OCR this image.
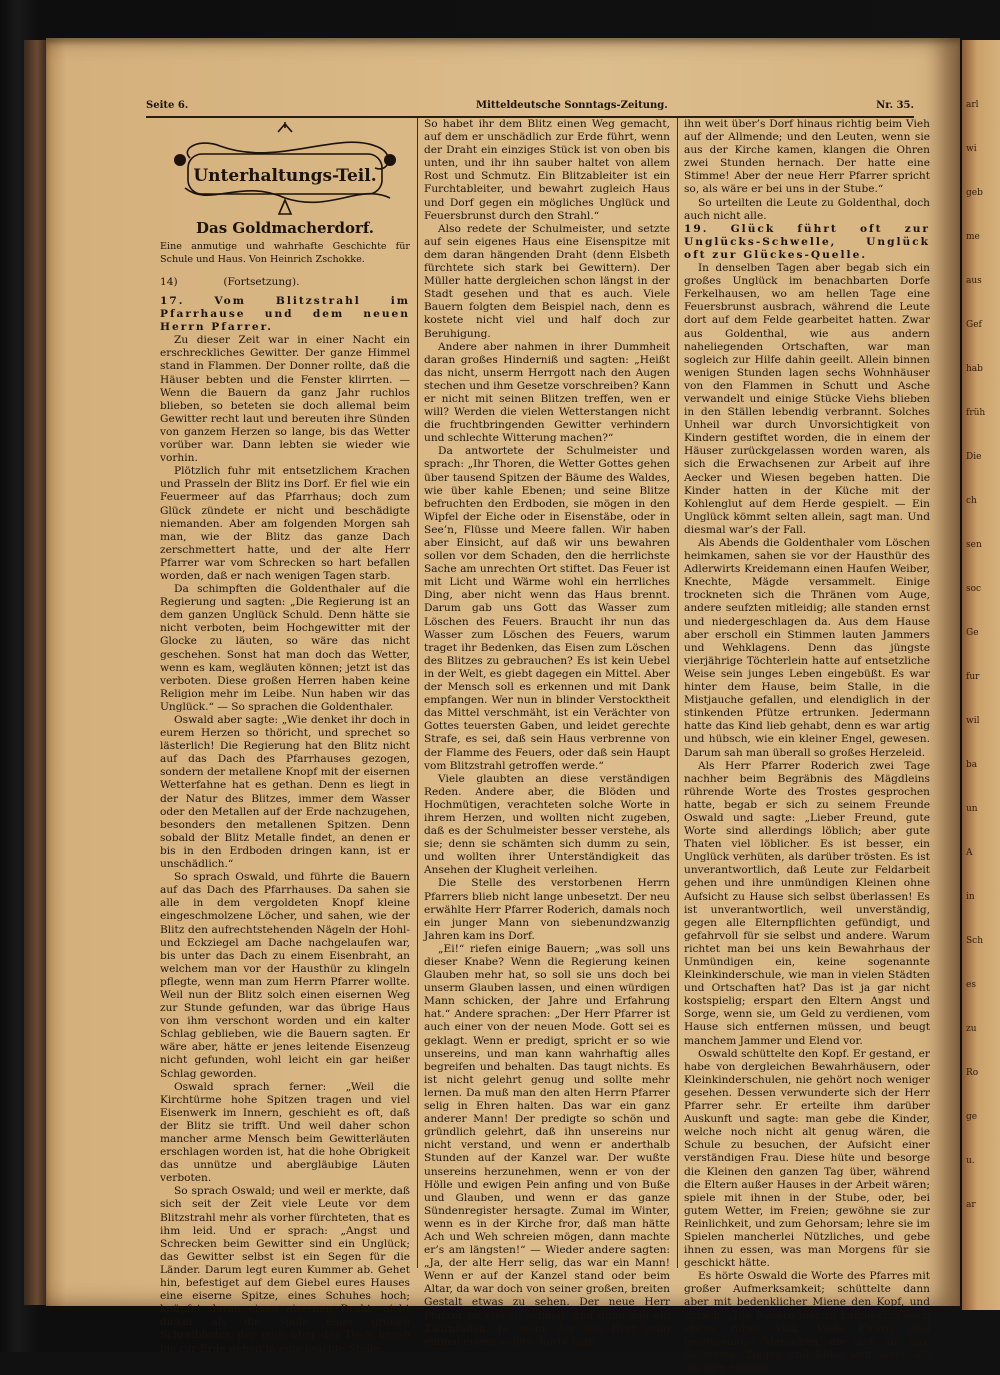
arl
wi
geb
me
aus
Gef
hab
früh
Die
ch
sen
soc
Ge
fur
wil
ba
un
A
in
Sch
es
zu
Ro
ge
u.
ar
Seite 6.	Mitteldeutsche Sonntags-Zeitung.	Nr. 35.
Unterhaltungs-Teil.
Das Goldmacherdorf.
Eine anmutige und wahrhafte Geschichte für Schule und Haus. Von Heinrich Zschokke.
14)	(Fortsetzung).

17. Vom Blitzstrahl im Pfarrhause und dem neuen Herrn Pfarrer.

Zu dieser Zeit war in einer Nacht ein erschreckliches Gewitter. Der ganze Himmel stand in Flammen. Der Donner rollte, daß die Häuser bebten und die Fenster klirrten. — Wenn die Bauern da ganz Jahr ruchlos blieben, so beteten sie doch allemal beim Gewitter recht laut und bereuten ihre Sünden von ganzem Herzen so lange, bis das Wetter vorüber war. Dann lebten sie wieder wie vorhin.

Plötzlich fuhr mit entsetzlichem Krachen und Prasseln der Blitz ins Dorf. Er fiel wie ein Feuermeer auf das Pfarrhaus; doch zum Glück zündete er nicht und beschädigte niemanden. Aber am folgenden Morgen sah man, wie der Blitz das ganze Dach zerschmettert hatte, und der alte Herr Pfarrer war vom Schrecken so hart befallen worden, daß er nach wenigen Tagen starb.

Da schimpften die Goldenthaler auf die Regierung und sagten: „Die Regierung ist an dem ganzen Unglück Schuld. Denn hätte sie nicht verboten, beim Hochgewitter mit der Glocke zu läuten, so wäre das nicht geschehen. Sonst hat man doch das Wetter, wenn es kam, wegläuten können; jetzt ist das verboten. Diese großen Herren haben keine Religion mehr im Leibe. Nun haben wir das Unglück.“ — So sprachen die Goldenthaler.

Oswald aber sagte: „Wie denket ihr doch in eurem Herzen so thöricht, und sprechet so lästerlich! Die Regierung hat den Blitz nicht auf das Dach des Pfarrhauses gezogen, sondern der metallene Knopf mit der eisernen Wetterfahne hat es gethan. Denn es liegt in der Natur des Blitzes, immer dem Wasser oder den Metallen auf der Erde nachzugehen, besonders den metallenen Spitzen. Denn sobald der Blitz Metalle findet, an denen er bis in den Erdboden dringen kann, ist er unschädlich.“

So sprach Oswald, und führte die Bauern auf das Dach des Pfarrhauses. Da sahen sie alle in dem vergoldeten Knopf kleine eingeschmolzene Löcher, und sahen, wie der Blitz den aufrechtstehenden Nägeln der Hohl- und Eckziegel am Dache nachgelaufen war, bis unter das Dach zu einem Eisenbraht, an welchem man vor der Hausthür zu klingeln pflegte, wenn man zum Herrn Pfarrer wollte. Weil nun der Blitz solch einen eisernen Weg zur Stunde gefunden, war das übrige Haus von ihm verschont worden und ein kalter Schlag geblieben, wie die Bauern sagten. Er wäre aber, hätte er jenes leitende Eisenzeug nicht gefunden, wohl leicht ein gar heißer Schlag geworden.

Oswald sprach ferner: „Weil die Kirchtürme hohe Spitzen tragen und viel Eisenwerk im Innern, geschieht es oft, daß der Blitz sie trifft. Und weil daher schon mancher arme Mensch beim Gewitterläuten erschlagen worden ist, hat die hohe Obrigkeit das unnütze und abergläubige Läuten verboten.

So sprach Oswald; und weil er merkte, daß sich seit der Zeit viele Leute vor dem Blitzstrahl mehr als vorher fürchteten, that es ihm leid. Und er sprach: „Angst und Schrecken beim Gewitter sind ein Unglück; das Gewitter selbst ist ein Segen für die Länder. Darum legt euren Kummer ab. Gehet hin, befestiget auf dem Giebel eures Hauses eine eiserne Spitze, eines Schuhes hoch; knüpfet daran einen eisernen Draht, nicht dicker als die Spule einer großen Schreibfeder, der muß über das Dach herab bis zur Erde gehen in eine feuchte Stelle.

So habet ihr dem Blitz einen Weg gemacht, auf dem er unschädlich zur Erde führt, wenn der Draht ein einziges Stück ist von oben bis unten, und ihr ihn sauber haltet von allem Rost und Schmutz. Ein Blitzableiter ist ein Furchtableiter, und bewahrt zugleich Haus und Dorf gegen ein mögliches Unglück und Feuersbrunst durch den Strahl.“

Also redete der Schulmeister, und setzte auf sein eigenes Haus eine Eisenspitze mit dem daran hängenden Draht (denn Elsbeth fürchtete sich stark bei Gewittern). Der Müller hatte dergleichen schon längst in der Stadt gesehen und that es auch. Viele Bauern folgten dem Beispiel nach, denn es kostete nicht viel und half doch zur Beruhigung.

Andere aber nahmen in ihrer Dummheit daran großes Hinderniß und sagten: „Heißt das nicht, unserm Herrgott nach den Augen stechen und ihm Gesetze vorschreiben? Kann er nicht mit seinen Blitzen treffen, wen er will? Werden die vielen Wetterstangen nicht die fruchtbringenden Gewitter verhindern und schlechte Witterung machen?“

Da antwortete der Schulmeister und sprach: „Ihr Thoren, die Wetter Gottes gehen über tausend Spitzen der Bäume des Waldes, wie über kahle Ebenen; und seine Blitze befruchten den Erdboden, sie mögen in den Wipfel der Eiche oder in Eisenstäbe, oder in See’n, Flüsse und Meere fallen. Wir haben aber Einsicht, auf daß wir uns bewahren sollen vor dem Schaden, den die herrlichste Sache am unrechten Ort stiftet. Das Feuer ist mit Licht und Wärme wohl ein herrliches Ding, aber nicht wenn das Haus brennt. Darum gab uns Gott das Wasser zum Löschen des Feuers. Braucht ihr nun das Wasser zum Löschen des Feuers, warum traget ihr Bedenken, das Eisen zum Löschen des Blitzes zu gebrauchen? Es ist kein Uebel in der Welt, es giebt dagegen ein Mittel. Aber der Mensch soll es erkennen und mit Dank empfangen. Wer nun in blinder Verstocktheit das Mittel verschmäht, ist ein Verächter von Gottes teuersten Gaben, und leidet gerechte Strafe, es sei, daß sein Haus verbrenne von der Flamme des Feuers, oder daß sein Haupt vom Blitzstrahl getroffen werde.“

Viele glaubten an diese verständigen Reden. Andere aber, die Blöden und Hochmütigen, verachteten solche Worte in ihrem Herzen, und wollten nicht zugeben, daß es der Schulmeister besser verstehe, als sie; denn sie schämten sich dumm zu sein, und wollten ihrer Unterständigkeit das Ansehen der Klugheit verleihen.

Die Stelle des verstorbenen Herrn Pfarrers blieb nicht lange unbesetzt. Der neu erwählte Herr Pfarrer Roderich, damals noch ein junger Mann von siebenundzwanzig Jahren kam ins Dorf.

„Ei!“ riefen einige Bauern; „was soll uns dieser Knabe? Wenn die Regierung keinen Glauben mehr hat, so soll sie uns doch bei unserm Glauben lassen, und einen würdigen Mann schicken, der Jahre und Erfahrung hat.“ Andere sprachen: „Der Herr Pfarrer ist auch einer von der neuen Mode. Gott sei es geklagt. Wenn er predigt, spricht er so wie unsereins, und man kann wahrhaftig alles begreifen und behalten. Das taugt nichts. Es ist nicht gelehrt genug und sollte mehr lernen. Da muß man den alten Herrn Pfarrer selig in Ehren halten. Das war ein ganz anderer Mann! Der predigte so schön und gründlich gelehrt, daß ihn unsereins nur nicht verstand, und wenn er anderthalb Stunden auf der Kanzel war. Der wußte unsereins herzunehmen, wenn er von der Hölle und ewigen Pein anfing und von Buße und Glauben, und wenn er das ganze Sündenregister hersagte. Zumal im Winter, wenn es in der Kirche fror, daß man hätte Ach und Weh schreien mögen, dann machte er’s am längsten!“ — Wieder andere sagten: „Ja, der alte Herr selig, das war ein Mann! Wenn er auf der Kanzel stand oder beim Altar, da war doch von seiner großen, breiten Gestalt etwas zu sehen. Der neue Herr Pfarrer ist viel zu schmal, und dünn wie ein Zwirnfaden. Ja, wenn der alte Herr selig einmal eisern wollte, hörte man

ihn weit über’s Dorf hinaus richtig beim Vieh auf der Allmende; und den Leuten, wenn sie aus der Kirche kamen, klangen die Ohren zwei Stunden hernach. Der hatte eine Stimme! Aber der neue Herr Pfarrer spricht so, als wäre er bei uns in der Stube.“

So urteilten die Leute zu Goldenthal, doch auch nicht alle.

19. Glück führt oft zur Unglücks-Schwelle, Unglück oft zur Glückes-Quelle.

In denselben Tagen aber begab sich ein großes Unglück im benachbarten Dorfe Ferkelhausen, wo am hellen Tage eine Feuersbrunst ausbrach, während die Leute dort auf dem Felde gearbeitet hatten. Zwar aus Goldenthal, wie aus andern naheliegenden Ortschaften, war man sogleich zur Hilfe dahin geeilt. Allein binnen wenigen Stunden lagen sechs Wohnhäuser von den Flammen in Schutt und Asche verwandelt und einige Stücke Viehs blieben in den Ställen lebendig verbrannt. Solches Unheil war durch Unvorsichtigkeit von Kindern gestiftet worden, die in einem der Häuser zurückgelassen worden waren, als sich die Erwachsenen zur Arbeit auf ihre Aecker und Wiesen begeben hatten. Die Kinder hatten in der Küche mit der Kohlenglut auf dem Herde gespielt. — Ein Unglück kömmt selten allein, sagt man. Und diesmal war’s der Fall.

Als Abends die Goldenthaler vom Löschen heimkamen, sahen sie vor der Hausthür des Adlerwirts Kreidemann einen Haufen Weiber, Knechte, Mägde versammelt. Einige trockneten sich die Thränen vom Auge, andere seufzten mitleidig; alle standen ernst und niedergeschlagen da. Aus dem Hause aber erscholl ein Stimmen lauten Jammers und Wehklagens. Denn das jüngste vierjährige Töchterlein hatte auf entsetzliche Weise sein junges Leben eingebüßt. Es war hinter dem Hause, beim Stalle, in die Mistjauche gefallen, und elendiglich in der stinkenden Pfütze ertrunken. Jedermann hatte das Kind lieb gehabt, denn es war artig und hübsch, wie ein kleiner Engel, gewesen. Darum sah man überall so großes Herzeleid.

Als Herr Pfarrer Roderich zwei Tage nachher beim Begräbnis des Mägdleins rührende Worte des Trostes gesprochen hatte, begab er sich zu seinem Freunde Oswald und sagte: „Lieber Freund, gute Worte sind allerdings löblich; aber gute Thaten viel löblicher. Es ist besser, ein Unglück verhüten, als darüber trösten. Es ist unverantwortlich, daß Leute zur Feldarbeit gehen und ihre unmündigen Kleinen ohne Aufsicht zu Hause sich selbst überlassen! Es ist unverantwortlich, weil unverständig, gegen alle Elternpflichten gefündigt, und gefahrvoll für sie selbst und andere. Warum richtet man bei uns kein Bewahrhaus der Unmündigen ein, keine sogenannte Kleinkinderschule, wie man in vielen Städten und Ortschaften hat? Das ist ja gar nicht kostspielig; erspart den Eltern Angst und Sorge, wenn sie, um Geld zu verdienen, vom Hause sich entfernen müssen, und beugt manchem Jammer und Elend vor.

Oswald schüttelte den Kopf. Er gestand, er habe von dergleichen Bewahrhäusern, oder Kleinkinderschulen, nie gehört noch weniger gesehen. Dessen verwunderte sich der Herr Pfarrer sehr. Er erteilte ihm darüber Auskunft und sagte: man gebe die Kinder, welche noch nicht alt genug wären, die Schule zu besuchen, der Aufsicht einer verständigen Frau. Diese hüte und besorge die Kleinen den ganzen Tag über, während die Eltern außer Hauses in der Arbeit wären; spiele mit ihnen in der Stube, oder, bei gutem Wetter, im Freien; gewöhne sie zur Reinlichkeit, und zum Gehorsam; lehre sie im Spielen mancherlei Nützliches, und gebe ihnen zu essen, was man Morgens für sie geschickt hätte.

Es hörte Oswald die Worte des Pfarres mit großer Aufmerksamkeit; schüttelte dann aber mit bedenklicher Miene den Kopf, und sprach: „Die Bauern hier zu Lande sind noch etwas rohes Volk. Viele Eltern sind gewissenlose Menschen, die sich um ihre Schweine, Ziegen und Kühe weit mehr, als um ihre eigenen
